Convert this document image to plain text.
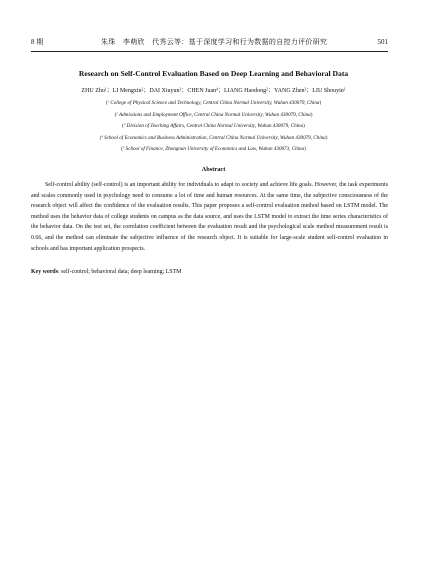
8 期	朱珠　李萌欣　代秀云等：基于深度学习和行为数据的自控力评价研究	501
Research on Self-Control Evaluation Based on Deep Learning and Behavioral Data
ZHU Zhu$^1$；LI Mengxin$^2$；DAI Xiuyun$^3$；CHEN Juan$^4$；LIANG Haodong$^2$；YANG Zhen$^3$；LIU Shouyin$^1$
($^1$ College of Physical Science and Technology, Central China Normal University, Wuhan 430079, China)
($^2$ Admissions and Employment Office, Central China Normal University, Wuhan 430079, China)
($^3$ Division of Teaching Affairs, Central China Normal University, Wuhan 430079, China)
($^4$ School of Economics and Business Administration, Central China Normal University, Wuhan 430079, China)
($^5$ School of Finance, Zhongnan University of Economics and Law, Wuhan 430073, China)
Abstract

Self-control ability (self-control) is an important ability for individuals to adapt to society and achieve life goals. However, the task experiments and scales commonly used in psychology need to consume a lot of time and human resources. At the same time, the subjective consciousness of the research object will affect the confidence of the evaluation results. This paper proposes a self-control evaluation method based on LSTM model. The method uses the behavior data of college students on campus as the data source, and uses the LSTM model to extract the time series characteristics of the behavior data. On the test set, the correlation coefficient between the evaluation result and the psychological scale method measurement result is 0.66, and the method can eliminate the subjective influence of the research object. It is suitable for large-scale student self-control evaluation in schools and has important application prospects.

Key words: self-control; behavioral data; deep learning; LSTM
